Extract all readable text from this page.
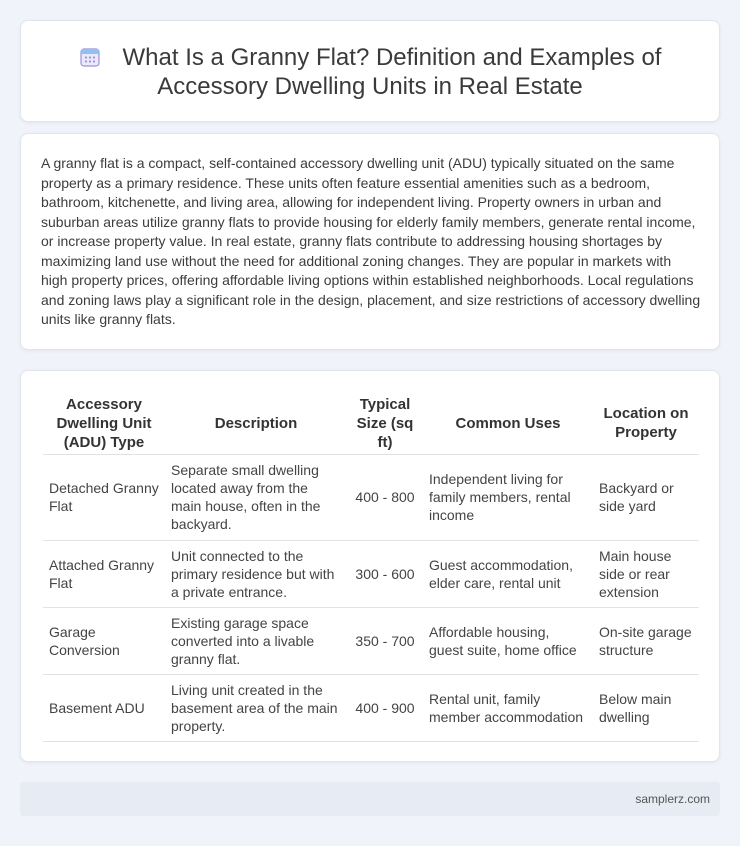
What Is a Granny Flat? Definition and Examples of Accessory Dwelling Units in Real Estate

A granny flat is a compact, self-contained accessory dwelling unit (ADU) typically situated on the same property as a primary residence. These units often feature essential amenities such as a bedroom, bathroom, kitchenette, and living area, allowing for independent living. Property owners in urban and suburban areas utilize granny flats to provide housing for elderly family members, generate rental income, or increase property value. In real estate, granny flats contribute to addressing housing shortages by maximizing land use without the need for additional zoning changes. They are popular in markets with high property prices, offering affordable living options within established neighborhoods. Local regulations and zoning laws play a significant role in the design, placement, and size restrictions of accessory dwelling units like granny flats.

Accessory Dwelling Unit (ADU) Type	Description	Typical Size (sq ft)	Common Uses	Location on Property
Detached Granny Flat	Separate small dwelling located away from the main house, often in the backyard.	400 - 800	Independent living for family members, rental income	Backyard or side yard
Attached Granny Flat	Unit connected to the primary residence but with a private entrance.	300 - 600	Guest accommodation, elder care, rental unit	Main house side or rear extension
Garage Conversion	Existing garage space converted into a livable granny flat.	350 - 700	Affordable housing, guest suite, home office	On-site garage structure
Basement ADU	Living unit created in the basement area of the main property.	400 - 900	Rental unit, family member accommodation	Below main dwelling
samplerz.com
